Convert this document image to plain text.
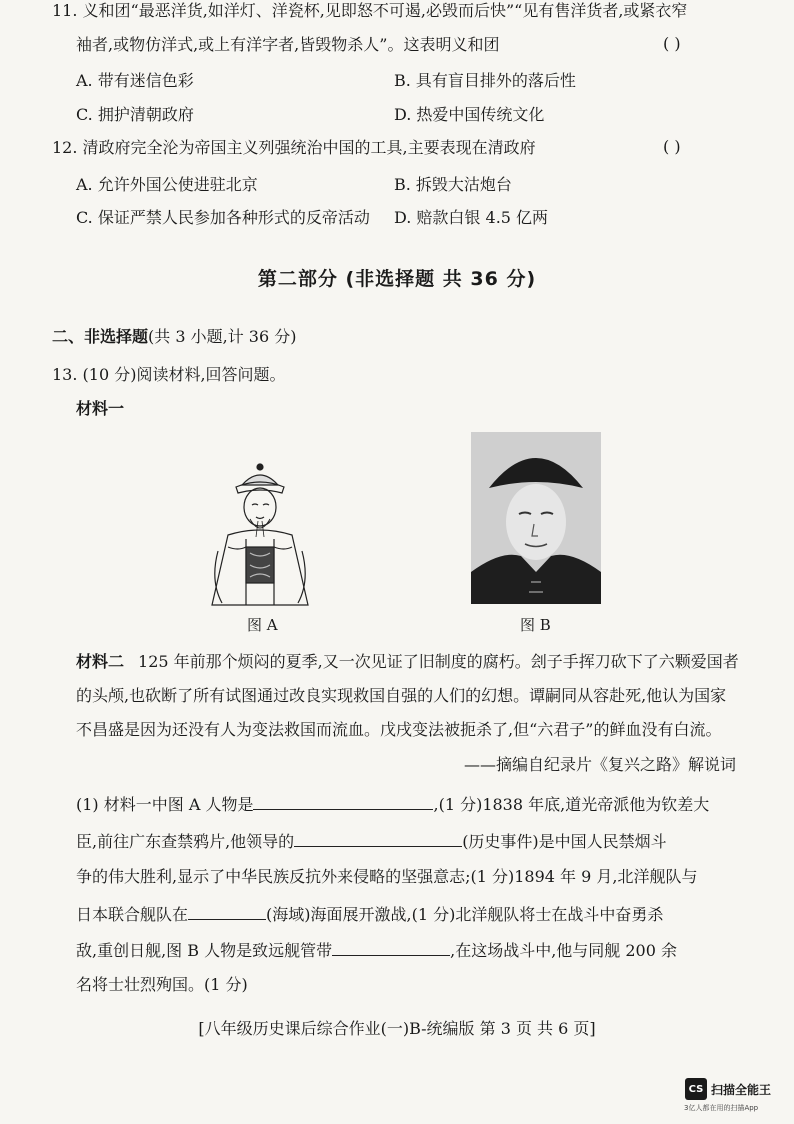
11. 义和团“最恶洋货,如洋灯、洋瓷杯,见即怒不可遏,必毁而后快”“见有售洋货者,或紧衣窄
袖者,或物仿洋式,或上有洋字者,皆毁物杀人”。这表明义和团	( )
A. 带有迷信色彩	B. 具有盲目排外的落后性
C. 拥护清朝政府	D. 热爱中国传统文化
12. 清政府完全沦为帝国主义列强统治中国的工具,主要表现在清政府	( )
A. 允许外国公使进驻北京	B. 拆毁大沽炮台
C. 保证严禁人民参加各种形式的反帝活动 D. 赔款白银 4.5 亿两
第二部分 (非选择题 共 36 分)
二、非选择题(共 3 小题,计 36 分)
13. (10 分)阅读材料,回答问题。
材料一
图 A	图 B
材料二 125 年前那个烦闷的夏季,又一次见证了旧制度的腐朽。刽子手挥刀砍下了六颗爱国者
的头颅,也砍断了所有试图通过改良实现救国自强的人们的幻想。谭嗣同从容赴死,他认为国家
不昌盛是因为还没有人为变法救国而流血。戊戌变法被扼杀了,但“六君子”的鲜血没有白流。
——摘编自纪录片《复兴之路》解说词
(1) 材料一中图 A 人物是	,(1 分)1838 年底,道光帝派他为钦差大
臣,前往广东查禁鸦片,他领导的	(历史事件)是中国人民禁烟斗
争的伟大胜利,显示了中华民族反抗外来侵略的坚强意志;(1 分)1894 年 9 月,北洋舰队与
日本联合舰队在	(海域)海面展开激战,(1 分)北洋舰队将士在战斗中奋勇杀
敌,重创日舰,图 B 人物是致远舰管带	,在这场战斗中,他与同舰 200 余
名将士壮烈殉国。(1 分)
[八年级历史课后综合作业(一)B-统编版 第 3 页 共 6 页]
CS 扫描全能王
3亿人都在用的扫描App
